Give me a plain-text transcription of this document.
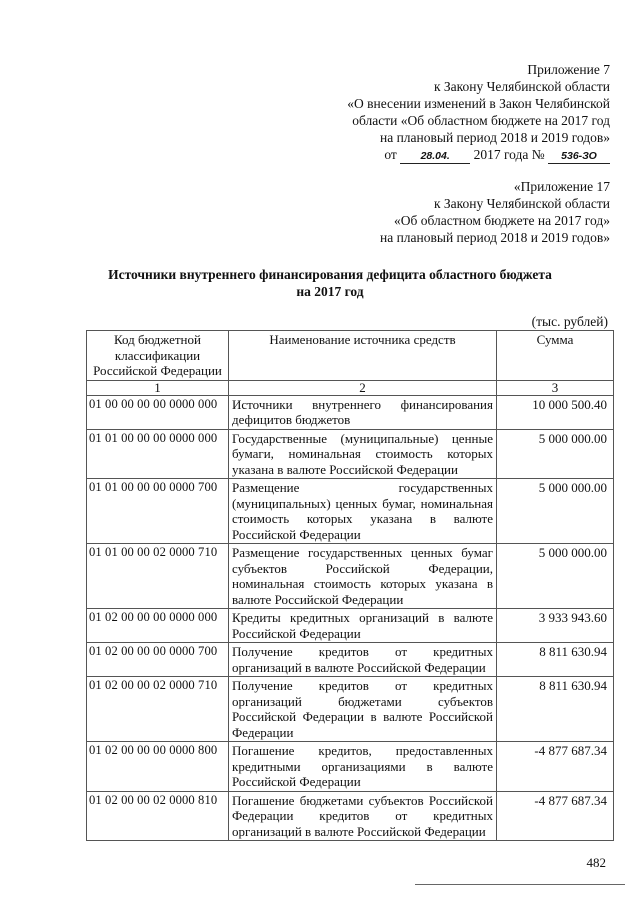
Приложение 7
к Закону Челябинской области
«О внесении изменений в Закон Челябинской
области «Об областном бюджете на 2017 год
на плановый период 2018 и 2019 годов»
от 28.04. 2017 года № 536-ЗО
«Приложение 17
к Закону Челябинской области
«Об областном бюджете на 2017 год»
на плановый период 2018 и 2019 годов»
Источники внутреннего финансирования дефицита областного бюджета
на 2017 год
(тыс. рублей)
Код бюджетной классификации Российской Федерации	Наименование источника средств	Сумма
1	2	3
01 00 00 00 00 0000 000	Источники внутреннего финансирования дефицитов бюджетов	10 000 500.40
01 01 00 00 00 0000 000	Государственные (муниципальные) ценные бумаги, номинальная стоимость которых указана в валюте Российской Федерации	5 000 000.00
01 01 00 00 00 0000 700	Размещение государственных (муниципальных) ценных бумаг, номинальная стоимость которых указана в валюте Российской Федерации	5 000 000.00
01 01 00 00 02 0000 710	Размещение государственных ценных бумаг субъектов Российской Федерации, номинальная стоимость которых указана в валюте Российской Федерации	5 000 000.00
01 02 00 00 00 0000 000	Кредиты кредитных организаций в валюте Российской Федерации	3 933 943.60
01 02 00 00 00 0000 700	Получение кредитов от кредитных организаций в валюте Российской Федерации	8 811 630.94
01 02 00 00 02 0000 710	Получение кредитов от кредитных организаций бюджетами субъектов Российской Федерации в валюте Российской Федерации	8 811 630.94
01 02 00 00 00 0000 800	Погашение кредитов, предоставленных кредитными организациями в валюте Российской Федерации	-4 877 687.34
01 02 00 00 02 0000 810	Погашение бюджетами субъектов Российской Федерации кредитов от кредитных организаций в валюте Российской Федерации	-4 877 687.34
482
